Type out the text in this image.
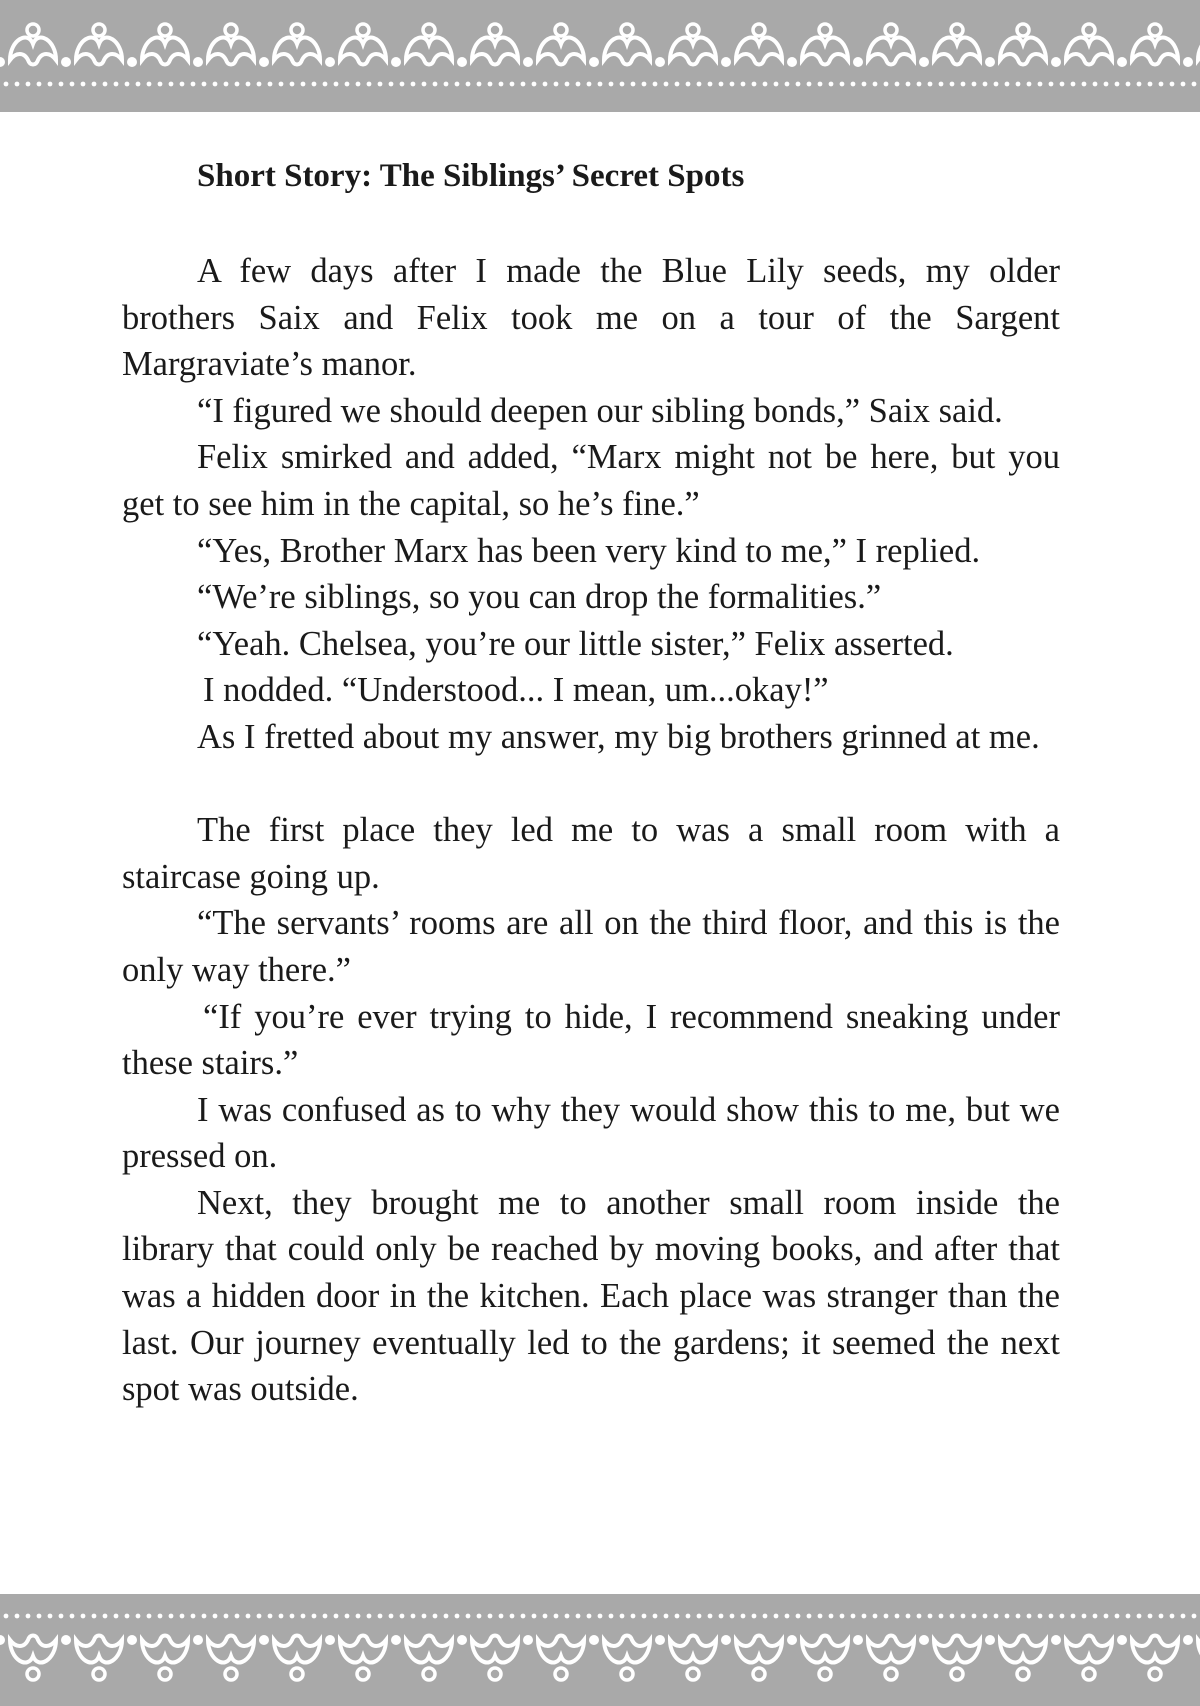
Short Story: The Siblings’ Secret Spots

A few days after I made the Blue Lily seeds, my older brothers Saix and Felix took me on a tour of the Sargent Margraviate’s manor.

“I figured we should deepen our sibling bonds,” Saix said.

Felix smirked and added, “Marx might not be here, but you get to see him in the capital, so he’s fine.”

“Yes, Brother Marx has been very kind to me,” I replied.

“We’re siblings, so you can drop the formalities.”

“Yeah. Chelsea, you’re our little sister,” Felix asserted.

I nodded. “Understood... I mean, um...okay!”

As I fretted about my answer, my big brothers grinned at me.

The first place they led me to was a small room with a staircase going up.

“The servants’ rooms are all on the third floor, and this is the only way there.”

“If you’re ever trying to hide, I recommend sneaking under these stairs.”

I was confused as to why they would show this to me, but we pressed on.

Next, they brought me to another small room inside the library that could only be reached by moving books, and after that was a hidden door in the kitchen. Each place was stranger than the last. Our journey eventually led to the gardens; it seemed the next spot was outside.
